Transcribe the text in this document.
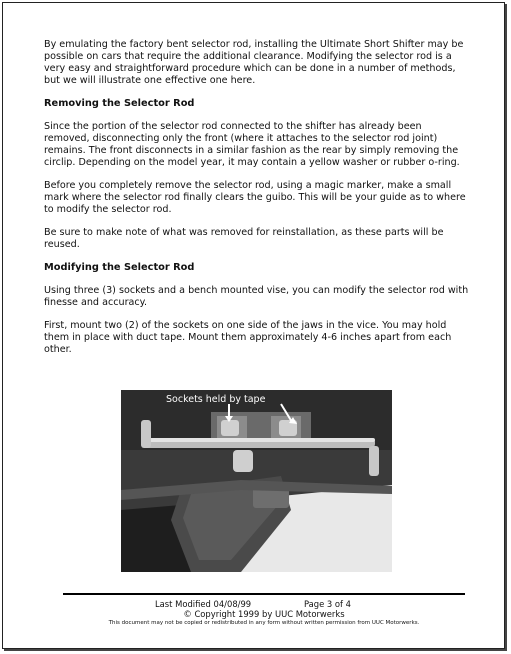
By emulating the factory bent selector rod, installing the Ultimate Short Shifter may be possible on cars that require the additional clearance. Modifying the selector rod is a very easy and straightforward procedure which can be done in a number of methods, but we will illustrate one effective one here.

Removing the Selector Rod

Since the portion of the selector rod connected to the shifter has already been removed, disconnecting only the front (where it attaches to the selector rod joint) remains. The front disconnects in a similar fashion as the rear by simply removing the circlip. Depending on the model year, it may contain a yellow washer or rubber o-ring.

Before you completely remove the selector rod, using a magic marker, make a small mark where the selector rod finally clears the guibo. This will be your guide as to where to modify the selector rod.

Be sure to make note of what was removed for reinstallation, as these parts will be reused.

Modifying the Selector Rod

Using three (3) sockets and a bench mounted vise, you can modify the selector rod with finesse and accuracy.

First, mount two (2) of the sockets on one side of the jaws in the vice. You may hold them in place with duct tape. Mount them approximately 4-6 inches apart from each other.

Sockets held by tape
Last Modified 04/08/99	Page 3 of 4
© Copyright 1999 by UUC Motorwerks
This document may not be copied or redistributed in any form without written permission from UUC Motorwerks.
